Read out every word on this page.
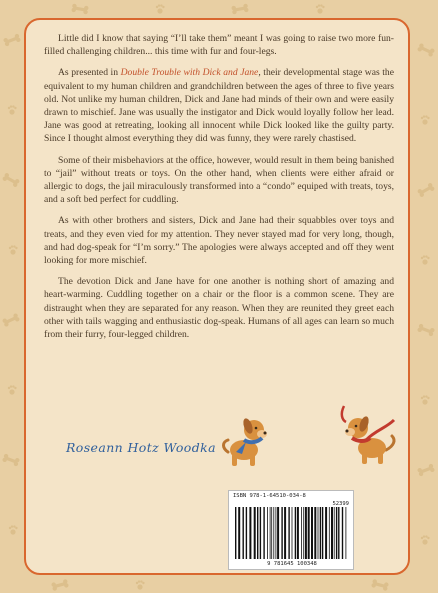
Little did I know that saying “I’ll take them” meant I was going to raise two more fun-filled challenging children... this time with fur and four-legs.

As presented in Double Trouble with Dick and Jane, their developmental stage was the equivalent to my human children and grandchildren between the ages of three to five years old. Not unlike my human children, Dick and Jane had minds of their own and were easily drawn to mischief. Jane was usually the instigator and Dick would loyally follow her lead. Jane was good at retreating, looking all innocent while Dick looked like the guilty party. Since I thought almost everything they did was funny, they were rarely chastised.

Some of their misbehaviors at the office, however, would result in them being banished to “jail” without treats or toys. On the other hand, when clients were either afraid or allergic to dogs, the jail miraculously transformed into a “condo” equiped with treats, toys, and a soft bed perfect for cuddling.

As with other brothers and sisters, Dick and Jane had their squabbles over toys and treats, and they even vied for my attention. They never stayed mad for very long, though, and had dog-speak for “I’m sorry.” The apologies were always accepted and off they went looking for more mischief.

The devotion Dick and Jane have for one another is nothing short of amazing and heart-warming. Cuddling together on a chair or the floor is a common scene. They are distraught when they are separated for any reason. When they are reunited they greet each other with tails wagging and enthusiastic dog-speak. Humans of all ages can learn so much from their furry, four-legged children.

Roseann Hotz Woodka
ISBN 978-1-64510-034-8
52399
9 781645 100348
